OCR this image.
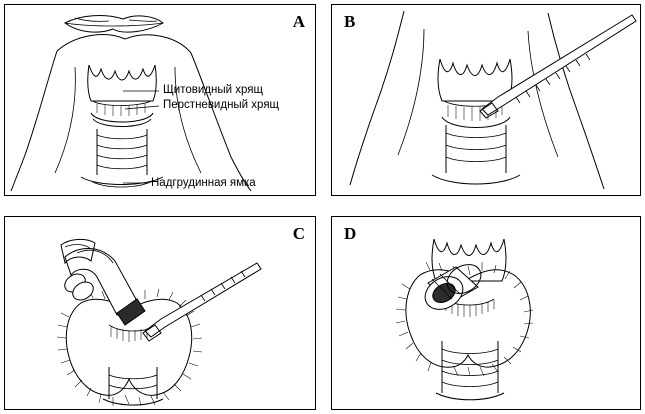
A
Щитовидный хрящ
Перстневидный хрящ
Надгрудинная ямка
B
C D
